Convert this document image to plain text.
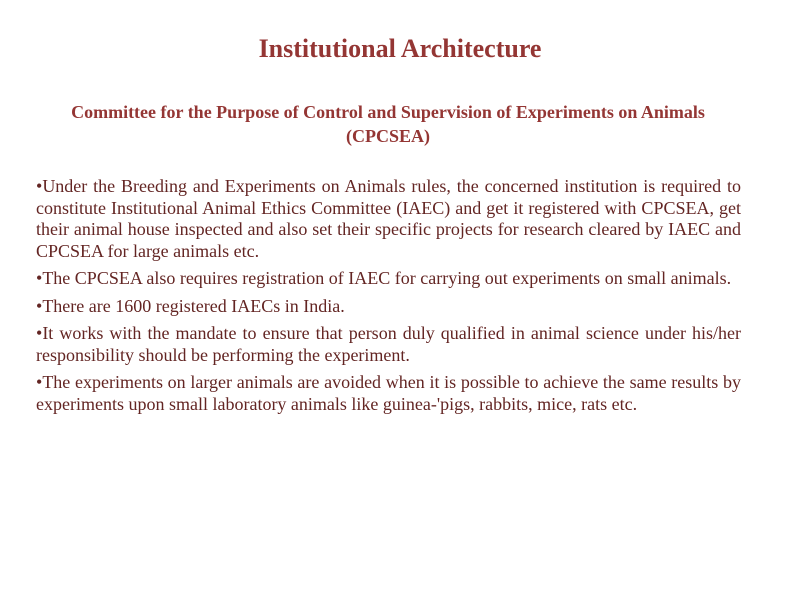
Institutional Architecture
Committee for the Purpose of Control and Supervision of Experiments on Animals (CPCSEA)
•Under the Breeding and Experiments on Animals rules, the concerned institution is required to constitute Institutional Animal Ethics Committee (IAEC) and get it registered with CPCSEA, get their animal house inspected and also set their specific projects for research cleared by IAEC and CPCSEA for large animals etc.
•The CPCSEA also requires registration of IAEC for carrying out experiments on small animals.
•There are 1600 registered IAECs in India.
•It works with the mandate to ensure that person duly qualified in animal science under his/her responsibility should be performing the experiment.
•The experiments on larger animals are avoided when it is possible to achieve the same results by experiments upon small laboratory animals like guinea-'pigs, rabbits, mice, rats etc.
